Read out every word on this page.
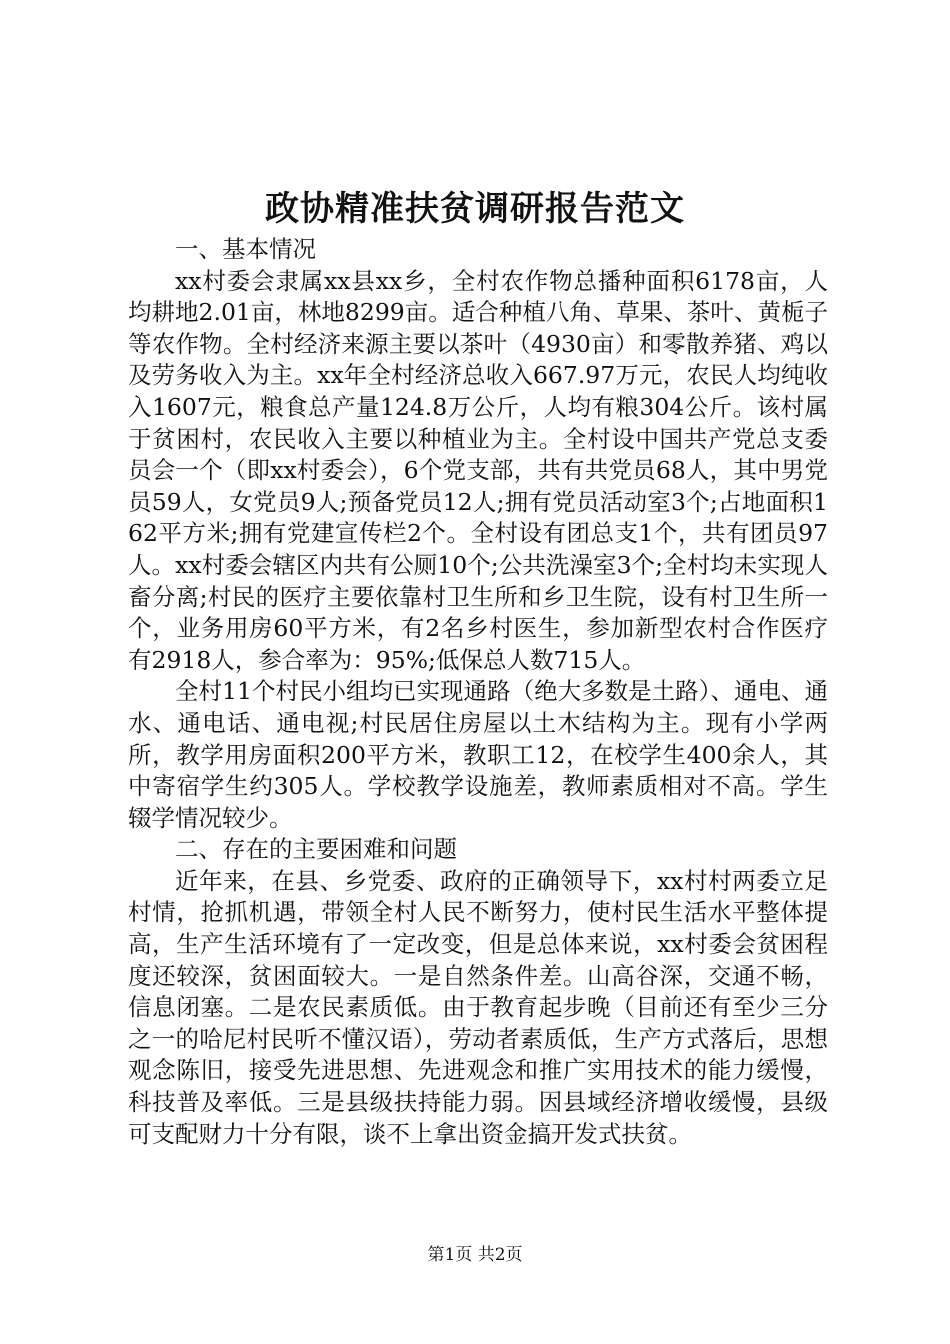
政协精准扶贫调研报告范文

一、基本情况

xx村委会隶属xx县xx乡，全村农作物总播种面积6178亩，人均耕地2.01亩，林地8299亩。适合种植八角、草果、茶叶、黄栀子等农作物。全村经济来源主要以茶叶（4930亩）和零散养猪、鸡以及劳务收入为主。xx年全村经济总收入667.97万元，农民人均纯收入1607元，粮食总产量124.8万公斤，人均有粮304公斤。该村属于贫困村，农民收入主要以种植业为主。全村设中国共产党总支委员会一个（即xx村委会），6个党支部，共有共党员68人，其中男党员59人，女党员9人;预备党员12人;拥有党员活动室3个;占地面积162平方米;拥有党建宣传栏2个。全村设有团总支1个，共有团员97人。xx村委会辖区内共有公厕10个;公共洗澡室3个;全村均未实现人畜分离;村民的医疗主要依靠村卫生所和乡卫生院，设有村卫生所一个，业务用房60平方米，有2名乡村医生，参加新型农村合作医疗有2918人，参合率为：95%;低保总人数715人。

全村11个村民小组均已实现通路（绝大多数是土路）、通电、通水、通电话、通电视;村民居住房屋以土木结构为主。现有小学两所，教学用房面积200平方米，教职工12，在校学生400余人，其中寄宿学生约305人。学校教学设施差，教师素质相对不高。学生辍学情况较少。

二、存在的主要困难和问题

近年来，在县、乡党委、政府的正确领导下，xx村村两委立足村情，抢抓机遇，带领全村人民不断努力，使村民生活水平整体提高，生产生活环境有了一定改变，但是总体来说，xx村委会贫困程度还较深，贫困面较大。一是自然条件差。山高谷深，交通不畅，信息闭塞。二是农民素质低。由于教育起步晚（目前还有至少三分之一的哈尼村民听不懂汉语），劳动者素质低，生产方式落后，思想观念陈旧，接受先进思想、先进观念和推广实用技术的能力缓慢，科技普及率低。三是县级扶持能力弱。因县域经济增收缓慢，县级可支配财力十分有限，谈不上拿出资金搞开发式扶贫。

第1页 共2页
